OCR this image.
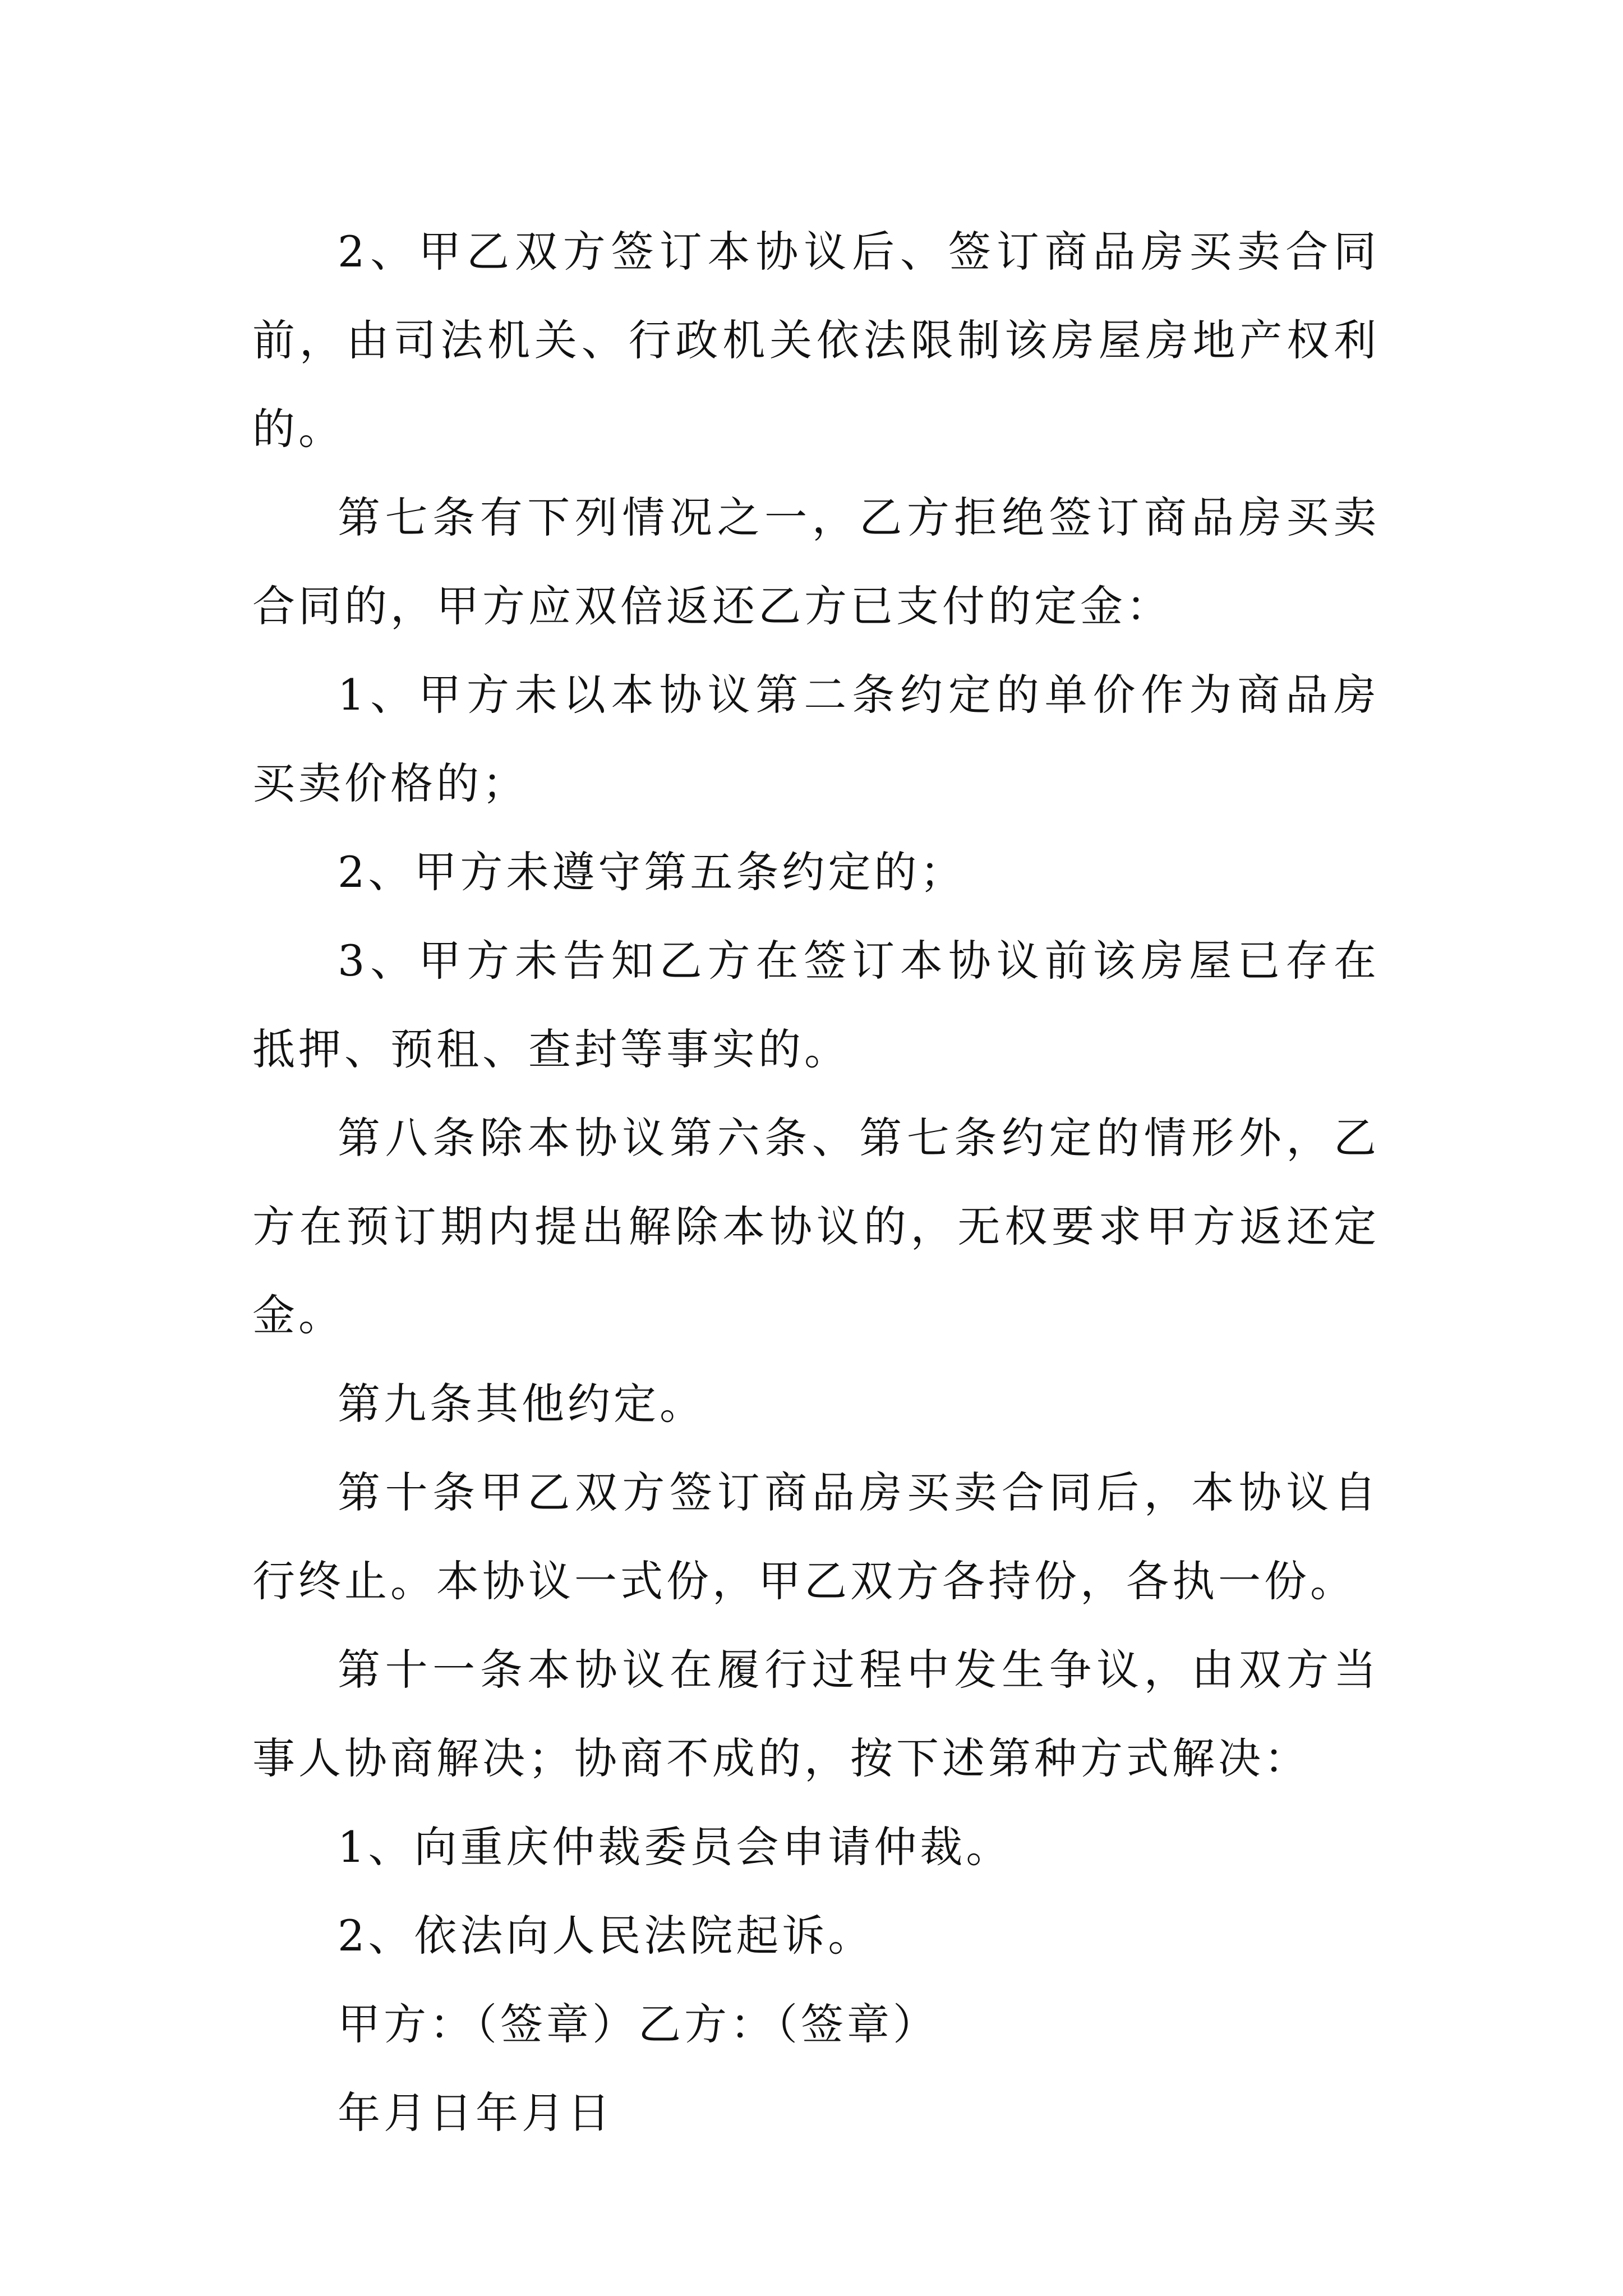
2、甲乙双方签订本协议后、签订商品房买卖合同前，由司法机关、行政机关依法限制该房屋房地产权利的。

第七条有下列情况之一，乙方拒绝签订商品房买卖合同的，甲方应双倍返还乙方已支付的定金：

1、甲方未以本协议第二条约定的单价作为商品房买卖价格的；

2、甲方未遵守第五条约定的；

3、甲方未告知乙方在签订本协议前该房屋已存在抵押、预租、查封等事实的。

第八条除本协议第六条、第七条约定的情形外，乙方在预订期内提出解除本协议的，无权要求甲方返还定金。

第九条其他约定。

第十条甲乙双方签订商品房买卖合同后，本协议自行终止。本协议一式份，甲乙双方各持份，各执一份。

第十一条本协议在履行过程中发生争议，由双方当事人协商解决；协商不成的，按下述第种方式解决：

1、向重庆仲裁委员会申请仲裁。

2、依法向人民法院起诉。

甲方：（签章）乙方：（签章）

年月日年月日
